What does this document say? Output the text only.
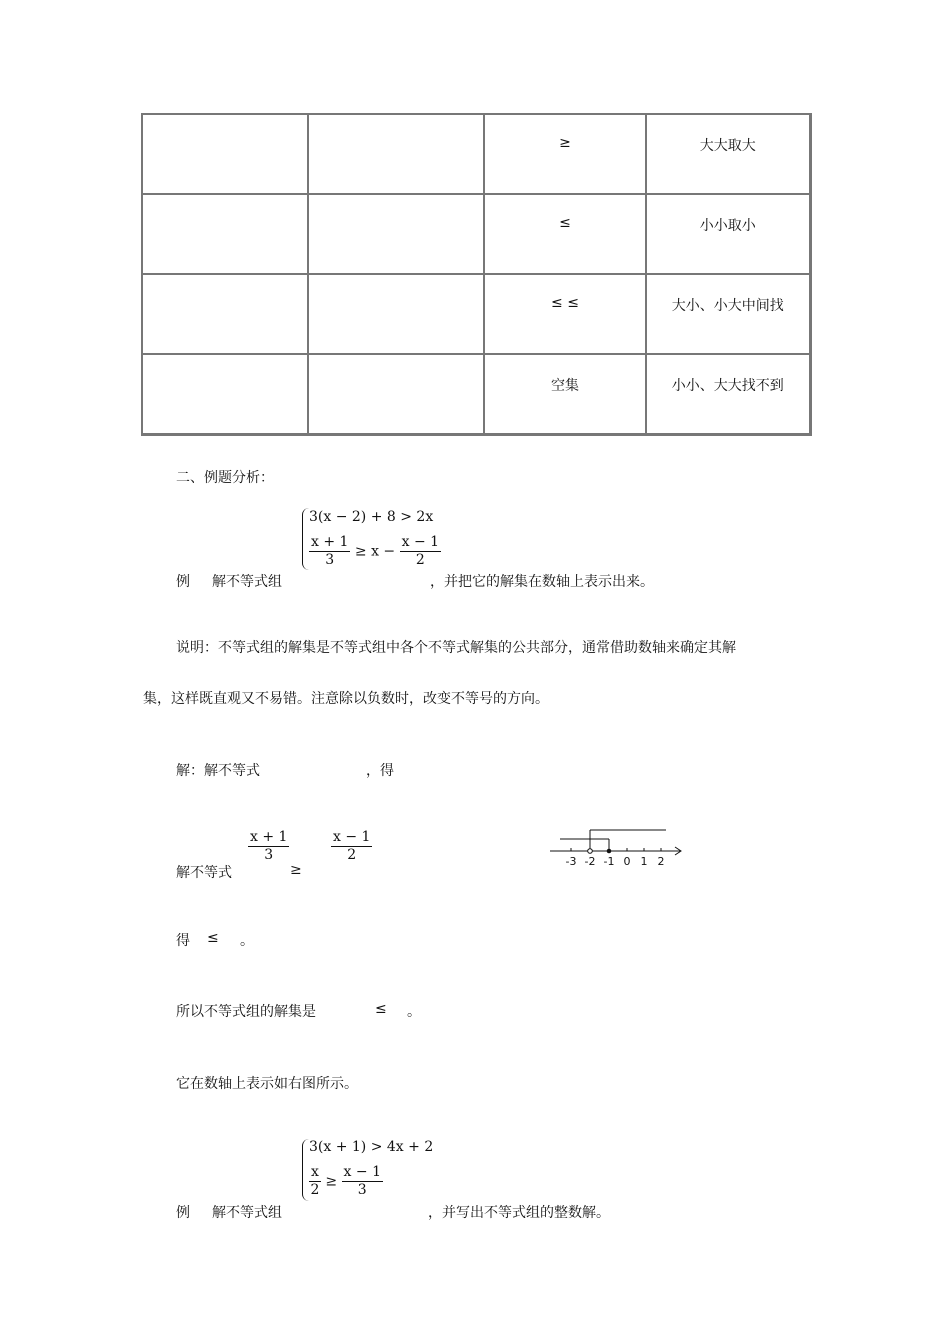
		≥	大大取大
		≤	小小取小
		≤ ≤	大小、小大中间找
		空集	小小、大大找不到
二、例题分析：
3(x − 2) + 8 > 2x
$\frac{x + 1}{3} \ge x - \frac{x - 1}{2}$
例 解不等式组	，并把它的解集在数轴上表示出来。
说明：不等式组的解集是不等式组中各个不等式解集的公共部分，通常借助数轴来确定其解
集，这样既直观又不易错。注意除以负数时，改变不等号的方向。
解：解不等式	，得
解不等式
$\frac{x + 1}{3}$
≥
$\frac{x - 1}{2}$	-3 -2 -1 0 1 2
得 ≤ 。
所以不等式组的解集是	≤ 。
它在数轴上表示如右图所示。
3(x + 1) > 4x + 2
$\frac{x}{2} \ge \frac{x - 1}{3}$
例 解不等式组	，并写出不等式组的整数解。
